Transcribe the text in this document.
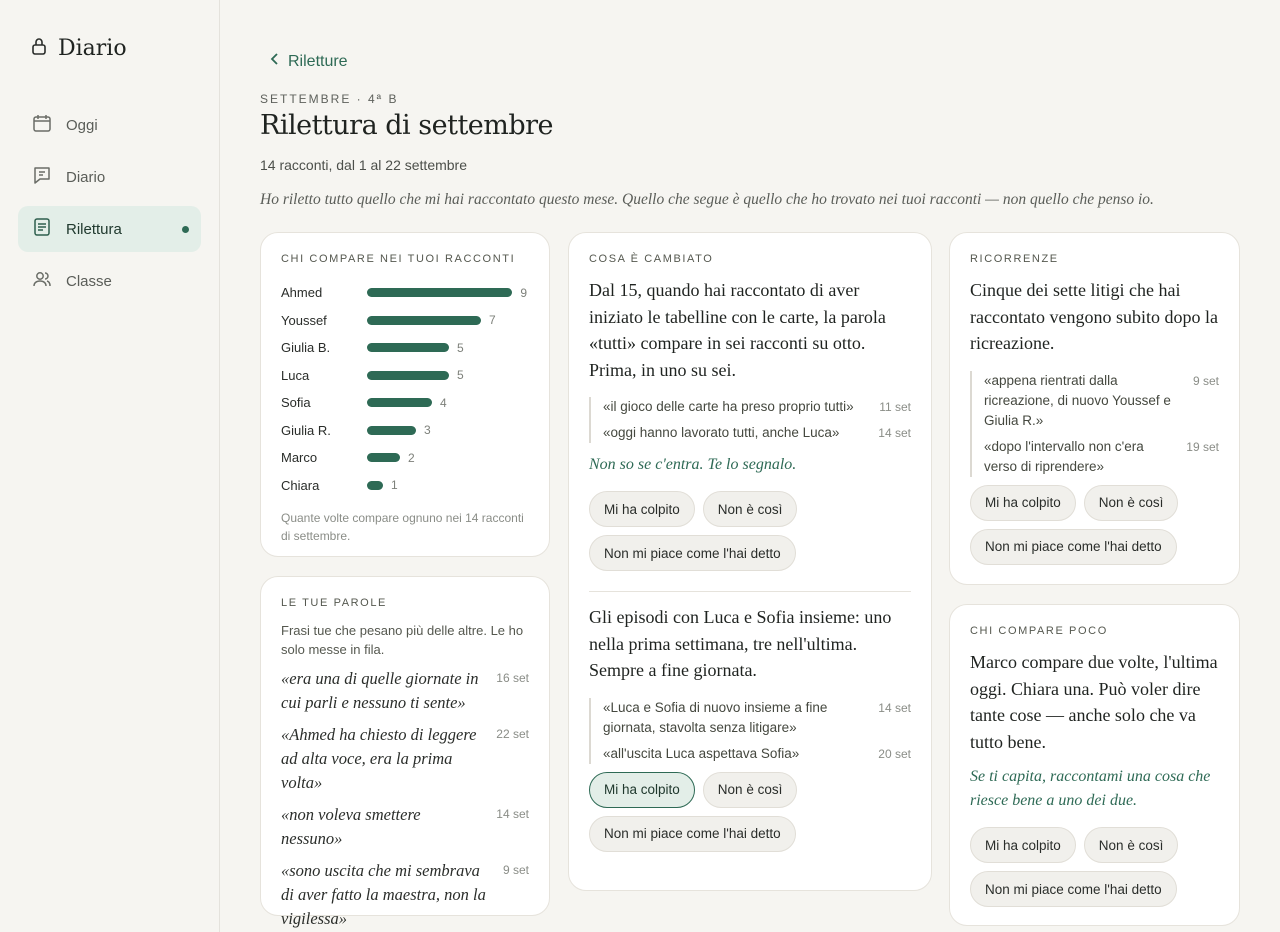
Diario
Oggi
Diario
Rilettura
Classe
Riletture
SETTEMBRE · 4ª B
Rilettura di settembre
14 racconti, dal 1 al 22 settembre
Ho riletto tutto quello che mi hai raccontato questo mese. Quello che segue è quello che ho trovato nei tuoi racconti — non quello che penso io.
CHI COMPARE NEI TUOI RACCONTI
Ahmed	9
Youssef	7
Giulia B.	5
Luca	5
Sofia	4
Giulia R.	3
Marco	2
Chiara	1
Quante volte compare ognuno nei 14 racconti di settembre.
LE TUE PAROLE
Frasi tue che pesano più delle altre. Le ho solo messe in fila.
«era una di quelle giornate in cui parli e nessuno ti sente»
16 set
«Ahmed ha chiesto di leggere ad alta voce, era la prima volta»
22 set
«non voleva smettere nessuno»
14 set
«sono uscita che mi sembrava di aver fatto la maestra, non la vigilessa»
9 set
COSA È CAMBIATO
Dal 15, quando hai raccontato di aver iniziato le tabelline con le carte, la parola «tutti» compare in sei racconti su otto. Prima, in uno su sei.
«il gioco delle carte ha preso proprio tutti» 11 set
«oggi hanno lavorato tutti, anche Luca»	14 set
Non so se c'entra. Te lo segnalo.
Mi ha colpito	Non è così
Non mi piace come l'hai detto
Gli episodi con Luca e Sofia insieme: uno nella prima settimana, tre nell'ultima. Sempre a fine giornata.
«Luca e Sofia di nuovo insieme a fine giornata, stavolta senza litigare»
14 set
«all'uscita Luca aspettava Sofia»	20 set
Mi ha colpito	Non è così
Non mi piace come l'hai detto
RICORRENZE
Cinque dei sette litigi che hai raccontato vengono subito dopo la ricreazione.
«appena rientrati dalla ricreazione, di nuovo Youssef e Giulia R.»
9 set
«dopo l'intervallo non c'era verso di riprendere»
19 set
Mi ha colpito	Non è così
Non mi piace come l'hai detto
CHI COMPARE POCO
Marco compare due volte, l'ultima oggi. Chiara una. Può voler dire tante cose — anche solo che va tutto bene.
Se ti capita, raccontami una cosa che riesce bene a uno dei due.
Mi ha colpito	Non è così
Non mi piace come l'hai detto
